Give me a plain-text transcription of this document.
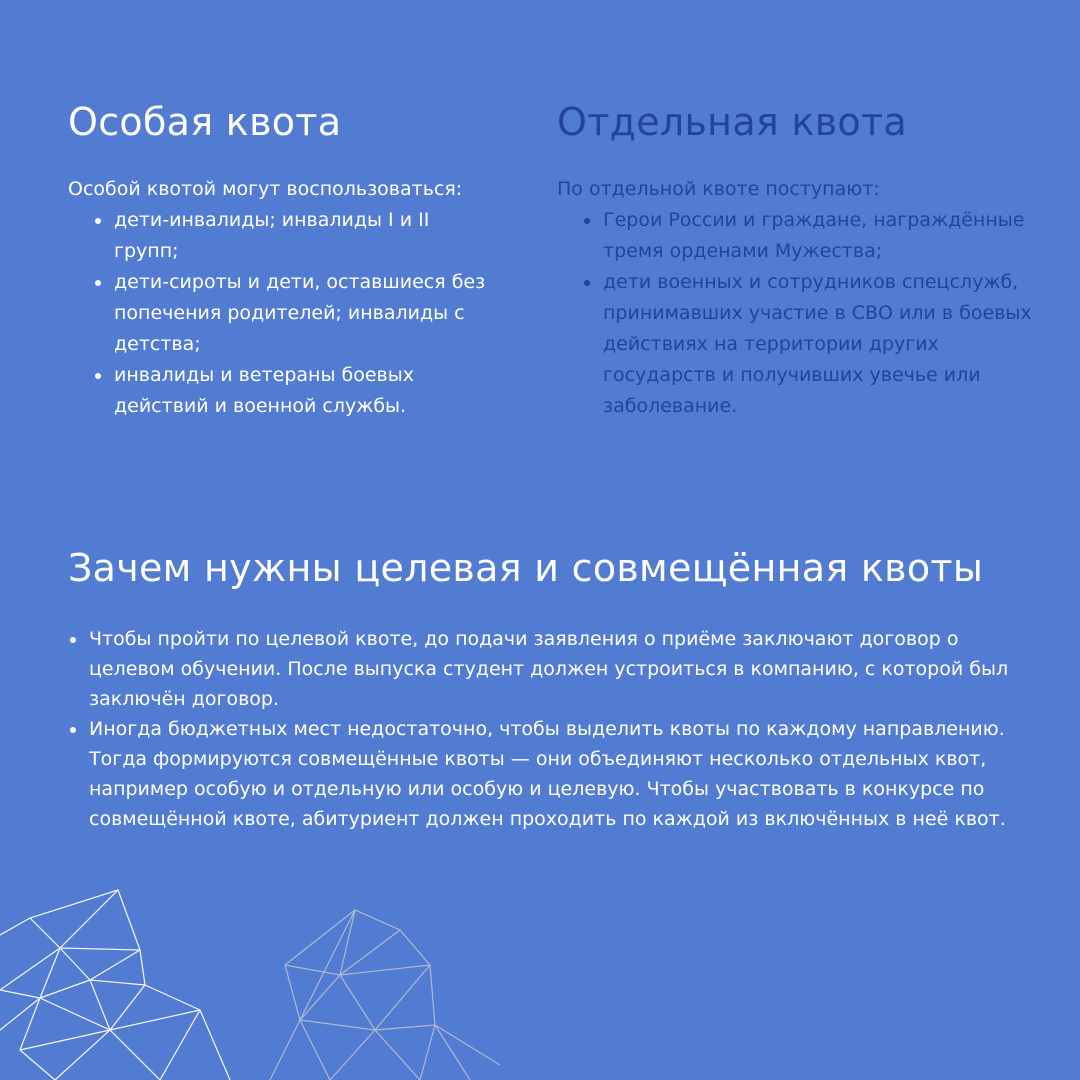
Особая квота

Особой квотой могут воспользоваться:

дети-инвалиды; инвалиды I и II групп;
дети-сироты и дети, оставшиеся без попечения родителей; инвалиды с детства;
инвалиды и ветераны боевых действий и военной службы.
Отдельная квота

По отдельной квоте поступают:

Герои России и граждане, награждённые тремя орденами Мужества;
дети военных и сотрудников спецслужб, принимавших участие в СВО или в боевых действиях на территории других государств и получивших увечье или заболевание.
Зачем нужны целевая и совмещённая квоты
Чтобы пройти по целевой квоте, до подачи заявления о приёме заключают договор о целевом обучении. После выпуска студент должен устроиться в компанию, с которой был заключён договор.
Иногда бюджетных мест недостаточно, чтобы выделить квоты по каждому направлению. Тогда формируются совмещённые квоты — они объединяют несколько отдельных квот, например особую и отдельную или особую и целевую. Чтобы участвовать в конкурсе по совмещённой квоте, абитуриент должен проходить по каждой из включённых в неё квот.
